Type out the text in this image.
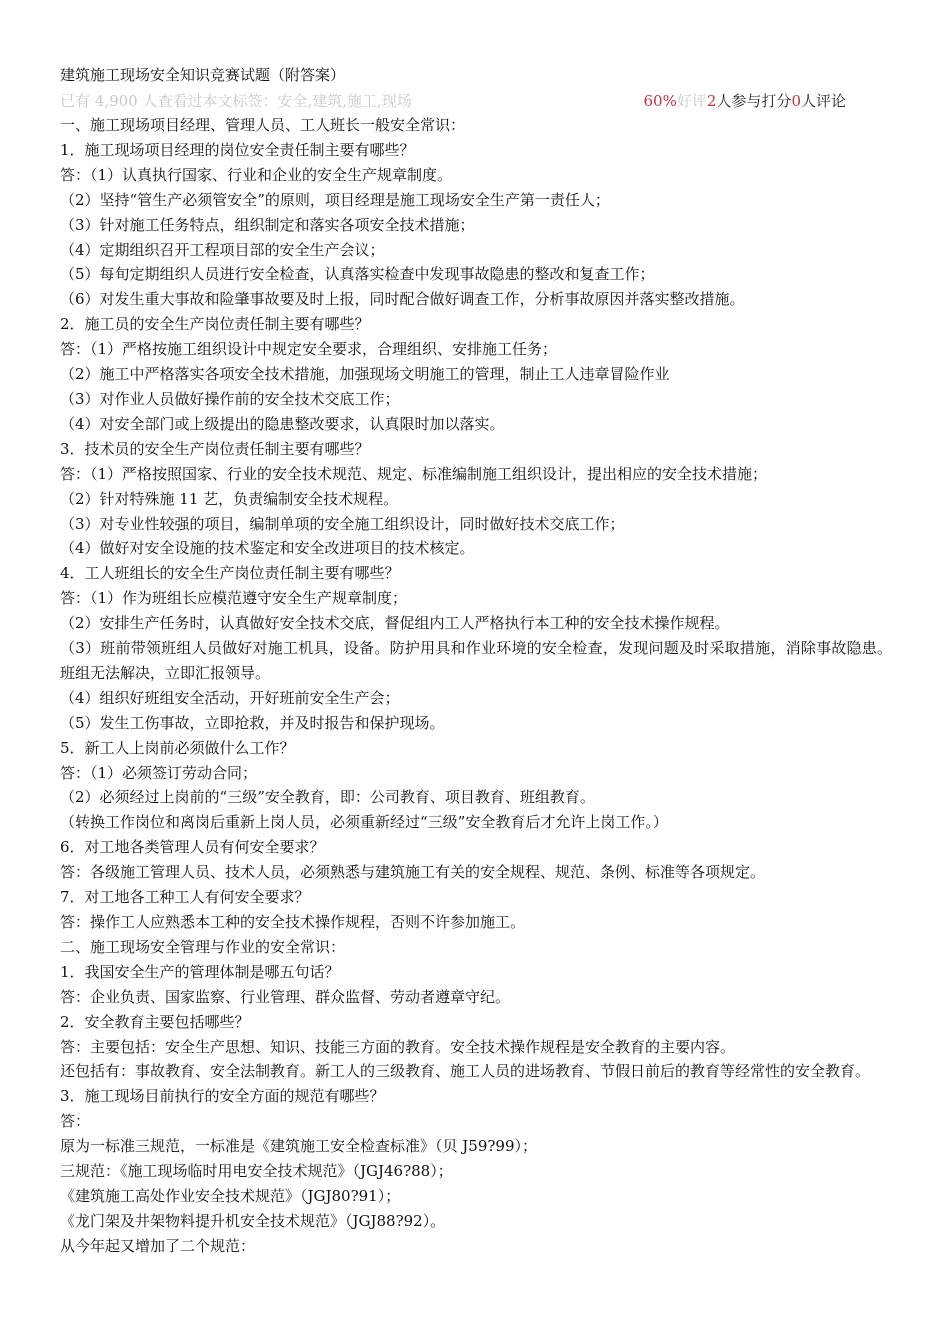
建筑施工现场安全知识竞赛试题（附答案）
已有 4,900 人查看过本文标签：安全,建筑,施工,现场	60%好评2人参与打分0人评论
一、施工现场项目经理、管理人员、工人班长一般安全常识：
1．施工现场项目经理的岗位安全责任制主要有哪些？
答：（1）认真执行国家、行业和企业的安全生产规章制度。
（2）坚持“管生产必须管安全”的原则，项目经理是施工现场安全生产第一责任人；
（3）针对施工任务特点，组织制定和落实各项安全技术措施；
（4）定期组织召开工程项目部的安全生产会议；
（5）每旬定期组织人员进行安全检查，认真落实检查中发现事故隐患的整改和复查工作；
（6）对发生重大事故和险肇事故要及时上报，同时配合做好调查工作，分析事故原因并落实整改措施。
2．施工员的安全生产岗位责任制主要有哪些？
答：（1）严格按施工组织设计中规定安全要求，合理组织、安排施工任务；
（2）施工中严格落实各项安全技术措施，加强现场文明施工的管理，制止工人违章冒险作业
（3）对作业人员做好操作前的安全技术交底工作；
（4）对安全部门或上级提出的隐患整改要求，认真限时加以落实。
3．技术员的安全生产岗位责任制主要有哪些？
答：（1）严格按照国家、行业的安全技术规范、规定、标准编制施工组织设计，提出相应的安全技术措施；
（2）针对特殊施 11 艺，负责编制安全技术规程。
（3）对专业性较强的项目，编制单项的安全施工组织设计，同时做好技术交底工作；
（4）做好对安全设施的技术鉴定和安全改进项目的技术核定。
4．工人班组长的安全生产岗位责任制主要有哪些？
答：（1）作为班组长应模范遵守安全生产规章制度；
（2）安排生产任务时，认真做好安全技术交底，督促组内工人严格执行本工种的安全技术操作规程。
（3）班前带领班组人员做好对施工机具，设备。防护用具和作业环境的安全检查，发现问题及时采取措施，消除事故隐患。班组无法解决，立即汇报领导。
（4）组织好班组安全活动，开好班前安全生产会；
（5）发生工伤事故，立即抢救，并及时报告和保护现场。
5．新工人上岗前必须做什么工作？
答：（1）必须签订劳动合同；
（2）必须经过上岗前的“三级”安全教育，即：公司教育、项目教育、班组教育。
（转换工作岗位和离岗后重新上岗人员，必须重新经过“三级”安全教育后才允许上岗工作。）
6．对工地各类管理人员有何安全要求？
答：各级施工管理人员、技术人员，必须熟悉与建筑施工有关的安全规程、规范、条例、标准等各项规定。
7．对工地各工种工人有何安全要求？
答：操作工人应熟悉本工种的安全技术操作规程，否则不许参加施工。
二、施工现场安全管理与作业的安全常识：
1．我国安全生产的管理体制是哪五句话？
答：企业负责、国家监察、行业管理、群众监督、劳动者遵章守纪。
2．安全教育主要包括哪些？
答：主要包括：安全生产思想、知识、技能三方面的教育。安全技术操作规程是安全教育的主要内容。
还包括有：事故教育、安全法制教育。新工人的三级教育、施工人员的进场教育、节假日前后的教育等经常性的安全教育。
3．施工现场目前执行的安全方面的规范有哪些？
答：
原为一标准三规范，一标准是《建筑施工安全检查标准》（贝 J59?99）；
三规范：《施工现场临时用电安全技术规范》（JGJ46?88）；
《建筑施工高处作业安全技术规范》（JGJ80?91）；
《龙门架及井架物料提升机安全技术规范》（JGJ88?92）。
从今年起又增加了二个规范：
